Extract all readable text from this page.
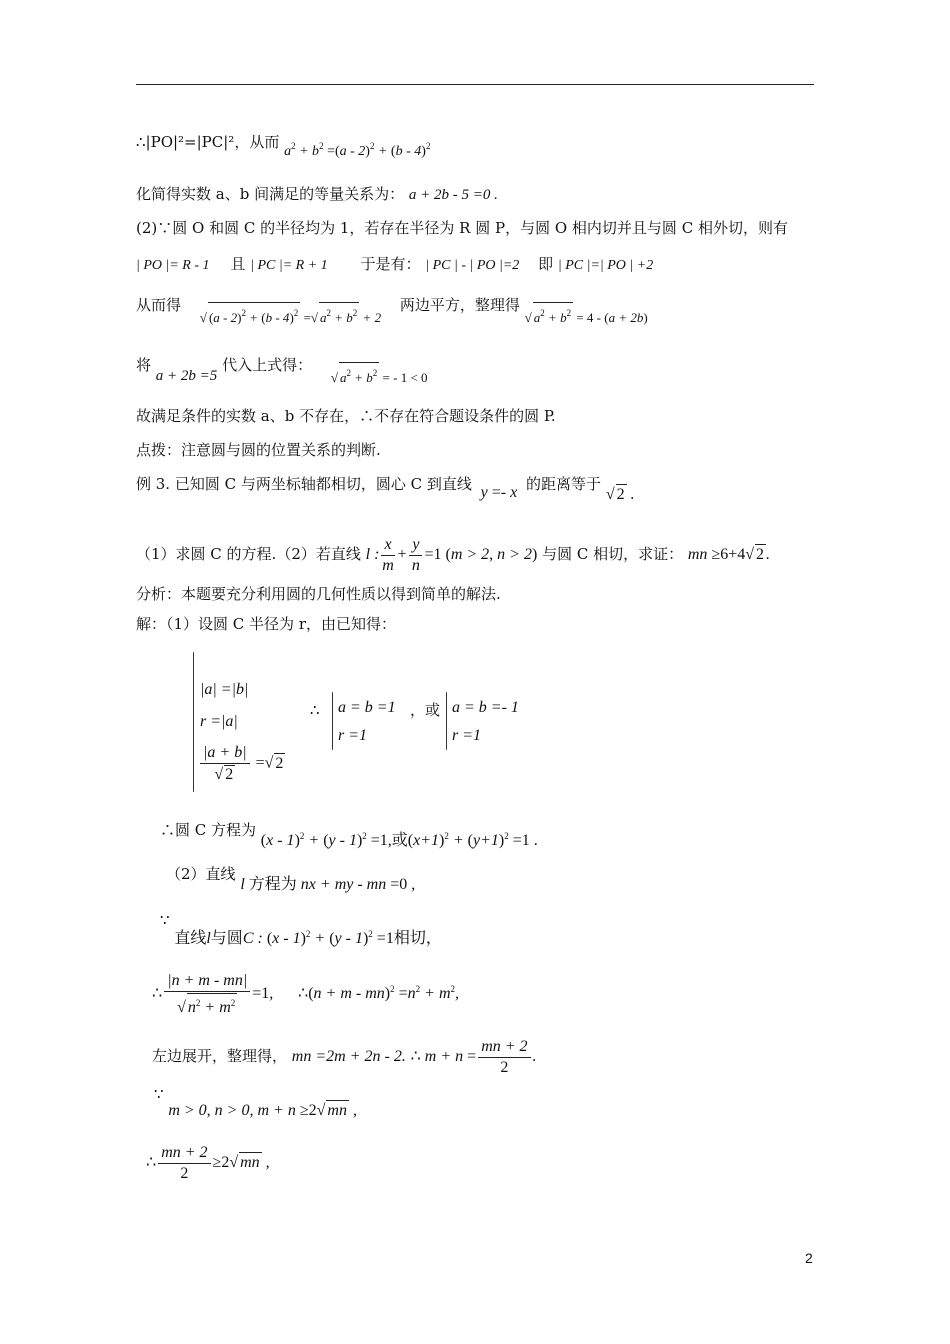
∴|PO|²=|PC|²，从而 $a^2 + b^2 =(a - 2)^2 + (b - 4)^2$
化简得实数 a、b 间满足的等量关系为： a + 2b - 5 =0 .
(2)∵圆 O 和圆 C 的半径均为 1，若存在半径为 R 圆 P，与圆 O 相内切并且与圆 C 相外切，则有
| PO |= R - 1 且 | PC |= R + 1 于是有： | PC | - | PO |=2 即 | PC |=| PO | +2
从而得 √ (a - 2)$^2$ + (b - 4)$^2$ =√ $a^2 + b^2 + 2$ 两边平方，整理得 √ $a^2 + b^2 = 4 - (a + 2b)$
将 a + 2b =5 代入上式得： √ $a^2 + b^2$ = - 1 < 0
故满足条件的实数 a、b 不存在，∴不存在符合题设条件的圆 P.
点拨：注意圆与圆的位置关系的判断.
例 3. 已知圆 C 与两坐标轴都相切，圆心 C 到直线 y =- x 的距离等于 √ 2 .
（1）求圆 C 的方程.（2）若直线 l : $\frac{x}{m} + \frac{y}{n} =1$ (m > 2, n > 2) 与圆 C 相切，求证： mn ≥6+4√ 2 .
分析：本题要充分利用圆的几何性质以得到简单的解法.
解：（1）设圆 C 半径为 r，由已知得：
|a| =|b|
r =|a|
$\frac{|a + b|}{√ 2}$ =√ 2
∴ a = b =1
r =1
，或 a = b =- 1
r =1
∴圆 C 方程为 (x - 1)$^2$ + (y - 1)$^2$ =1,或$(x+1)^2 + (y+1)^2 =1$ .
（2）直线 l 方程为 nx + my - mn =0 ,
∵ 直线l与圆C : (x - 1)$^2$ + (y - 1)$^2$ =1相切，
∴ $\frac{|n + m - mn|}{√ n^2 + m^2} =1$, ∴(n + $m - mn)^2 =n^2 + m^2$,
左边展开，整理得， mn =2m + 2n - 2. ∴ $m + n = \frac{mn + 2}{2}$ .
∵ m > 0, n > 0, m + n ≥2√ mn ,
∴ $\frac{mn + 2}{2} \ge 2√$ mn ,
2
